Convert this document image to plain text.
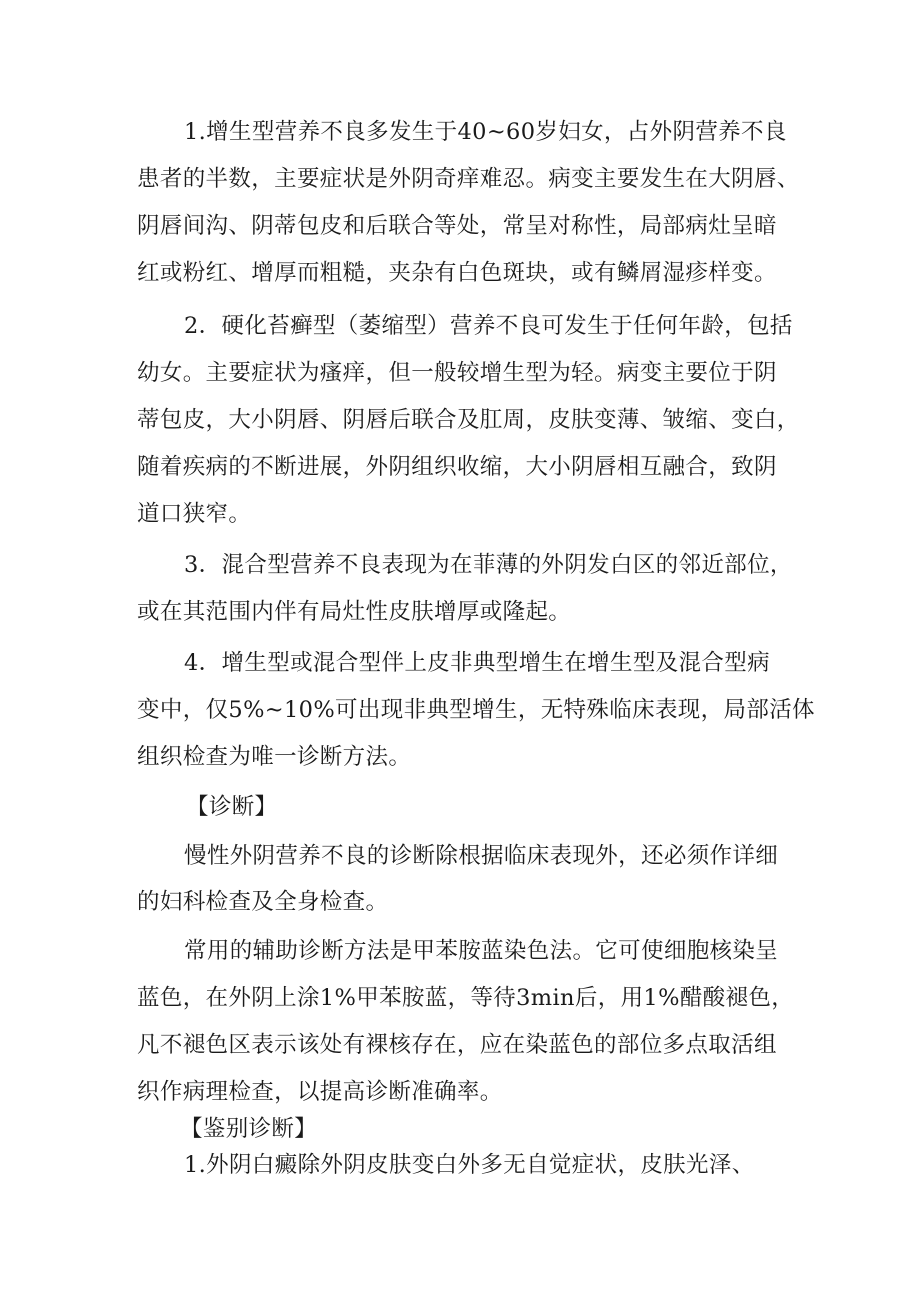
1.增生型营养不良多发生于40~60岁妇女，占外阴营养不良
患者的半数，主要症状是外阴奇痒难忍。病变主要发生在大阴唇、
阴唇间沟、阴蒂包皮和后联合等处，常呈对称性，局部病灶呈暗
红或粉红、增厚而粗糙，夹杂有白色斑块，或有鳞屑湿疹样变。
2．硬化苔癣型（萎缩型）营养不良可发生于任何年龄，包括
幼女。主要症状为瘙痒，但一般较增生型为轻。病变主要位于阴
蒂包皮，大小阴唇、阴唇后联合及肛周，皮肤变薄、皱缩、变白，
随着疾病的不断进展，外阴组织收缩，大小阴唇相互融合，致阴
道口狭窄。
3．混合型营养不良表现为在菲薄的外阴发白区的邻近部位，
或在其范围内伴有局灶性皮肤增厚或隆起。
4．增生型或混合型伴上皮非典型增生在增生型及混合型病
变中，仅5%~10%可出现非典型增生，无特殊临床表现，局部活体
组织检查为唯一诊断方法。
【诊断】
慢性外阴营养不良的诊断除根据临床表现外，还必须作详细
的妇科检查及全身检查。
常用的辅助诊断方法是甲苯胺蓝染色法。它可使细胞核染呈
蓝色，在外阴上涂1%甲苯胺蓝，等待3min后，用1%醋酸褪色，
凡不褪色区表示该处有裸核存在，应在染蓝色的部位多点取活组
织作病理检查，以提高诊断准确率。
【鉴别诊断】
1.外阴白癜除外阴皮肤变白外多无自觉症状，皮肤光泽、
